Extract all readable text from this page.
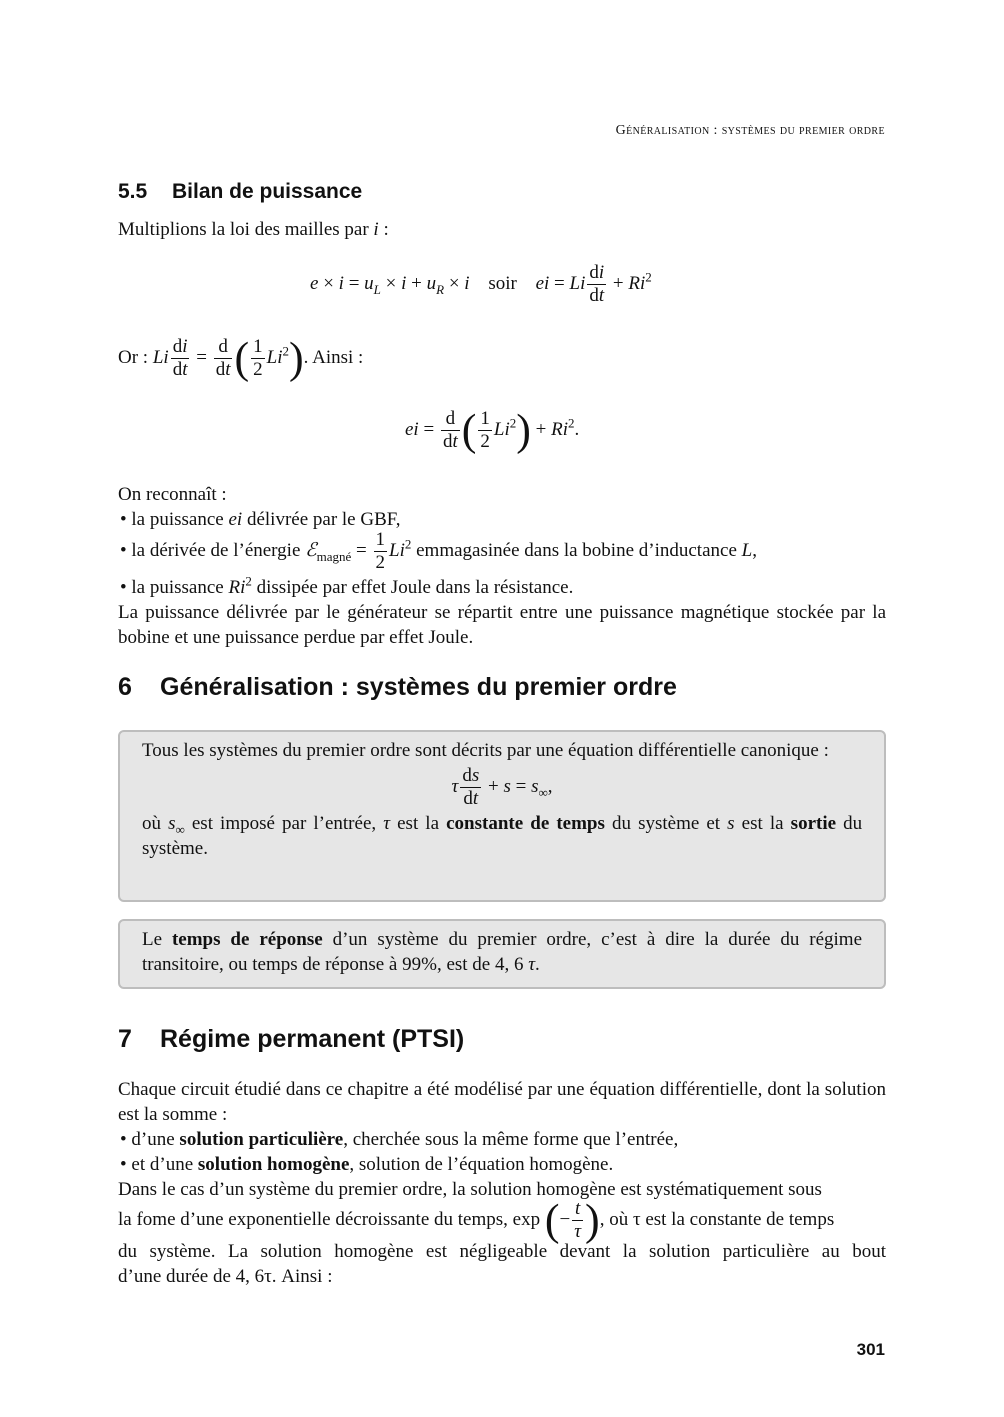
Généralisation : systèmes du premier ordre
5.5 Bilan de puissance
Multiplions la loi des mailles par i :
$e \times i = u_L \times i + u_R \times i$ soir ei = Li $\frac{di}{dt} + Ri^2$
Or : Li $\frac{di}{dt} = \frac{d}{dt}$ ( $\frac{1}{2} Li^2$). Ainsi :
ei = $\frac{d}{dt}$ ( $\frac{1}{2} Li^2) + Ri^2$.
On reconnaît :
• la puissance ei délivrée par le GBF,
• la dérivée de l’énergie ℰ$_{magné}$ = $\frac{1}{2} Li^2$ emmagasinée dans la bobine d’inductance L,
• la puissance Ri$^2$ dissipée par effet Joule dans la résistance.
La puissance délivrée par le générateur se répartit entre une puissance magnétique stockée par la bobine et une puissance perdue par effet Joule.
6 Généralisation : systèmes du premier ordre
Tous les systèmes du premier ordre sont décrits par une équation différentielle canonique :
τ $\frac{ds}{dt} + s = s_\infty$,
où $s_\infty$ est imposé par l’entrée, τ est la constante de temps du système et s est la sortie du système.
Le temps de réponse d’un système du premier ordre, c’est à dire la durée du régime transitoire, ou temps de réponse à 99%, est de 4, 6 τ.
7 Régime permanent (PTSI)
Chaque circuit étudié dans ce chapitre a été modélisé par une équation différentielle, dont la solution est la somme :
• d’une solution particulière, cherchée sous la même forme que l’entrée,
• et d’une solution homogène, solution de l’équation homogène.
Dans le cas d’un système du premier ordre, la solution homogène est systématiquement sous
la fome d’une exponentielle décroissante du temps, exp (− $\frac{t}{\tau}$ ), où τ est la constante de temps
du système. La solution homogène est négligeable devant la solution particulière au bout
d’une durée de 4, 6τ. Ainsi :
301
